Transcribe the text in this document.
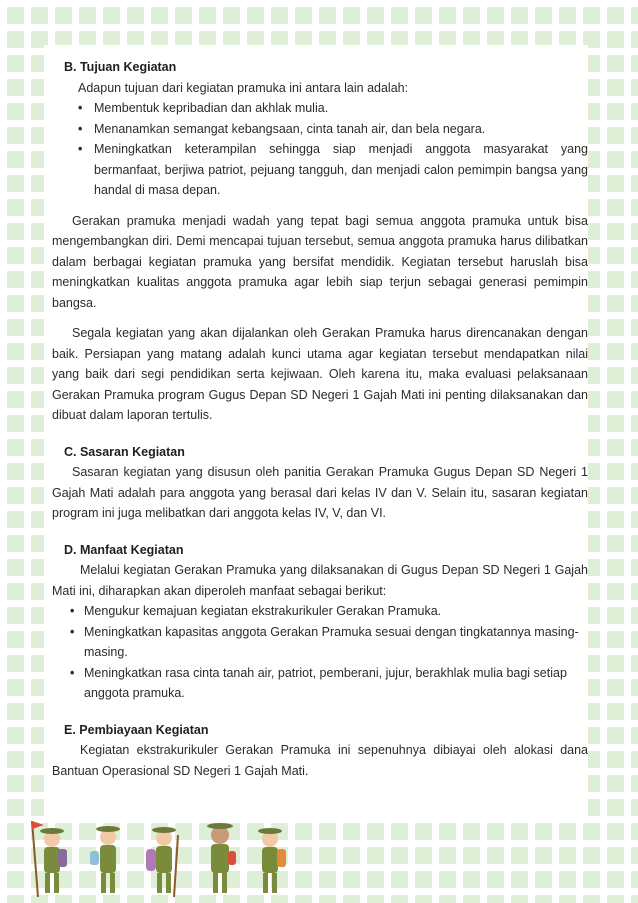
B. Tujuan Kegiatan
Adapun tujuan dari kegiatan pramuka ini antara lain adalah:
• Membentuk kepribadian dan akhlak mulia.
• Menanamkan semangat kebangsaan, cinta tanah air, dan bela negara.
• Meningkatkan keterampilan sehingga siap menjadi anggota masyarakat yang bermanfaat, berjiwa patriot, pejuang tangguh, dan menjadi calon pemimpin bangsa yang handal di masa depan.
Gerakan pramuka menjadi wadah yang tepat bagi semua anggota pramuka untuk bisa mengembangkan diri. Demi mencapai tujuan tersebut, semua anggota pramuka harus dilibatkan dalam berbagai kegiatan pramuka yang bersifat mendidik. Kegiatan tersebut haruslah bisa meningkatkan kualitas anggota pramuka agar lebih siap terjun sebagai generasi pemimpin bangsa.
Segala kegiatan yang akan dijalankan oleh Gerakan Pramuka harus direncanakan dengan baik. Persiapan yang matang adalah kunci utama agar kegiatan tersebut mendapatkan nilai yang baik dari segi pendidikan serta kejiwaan. Oleh karena itu, maka evaluasi pelaksanaan Gerakan Pramuka program Gugus Depan SD Negeri 1 Gajah Mati ini penting dilaksanakan dan dibuat dalam laporan tertulis.
C. Sasaran Kegiatan
Sasaran kegiatan yang disusun oleh panitia Gerakan Pramuka Gugus Depan SD Negeri 1 Gajah Mati adalah para anggota yang berasal dari kelas IV dan V. Selain itu, sasaran kegiatan program ini juga melibatkan dari anggota kelas IV, V, dan VI.
D. Manfaat Kegiatan
Melalui kegiatan Gerakan Pramuka yang dilaksanakan di Gugus Depan SD Negeri 1 Gajah Mati ini, diharapkan akan diperoleh manfaat sebagai berikut:
• Mengukur kemajuan kegiatan ekstrakurikuler Gerakan Pramuka.
• Meningkatkan kapasitas anggota Gerakan Pramuka sesuai dengan tingkatannya masing-masing.
• Meningkatkan rasa cinta tanah air, patriot, pemberani, jujur, berakhlak mulia bagi setiap anggota pramuka.
E. Pembiayaan Kegiatan
Kegiatan ekstrakurikuler Gerakan Pramuka ini sepenuhnya dibiayai oleh alokasi dana Bantuan Operasional SD Negeri 1 Gajah Mati.
